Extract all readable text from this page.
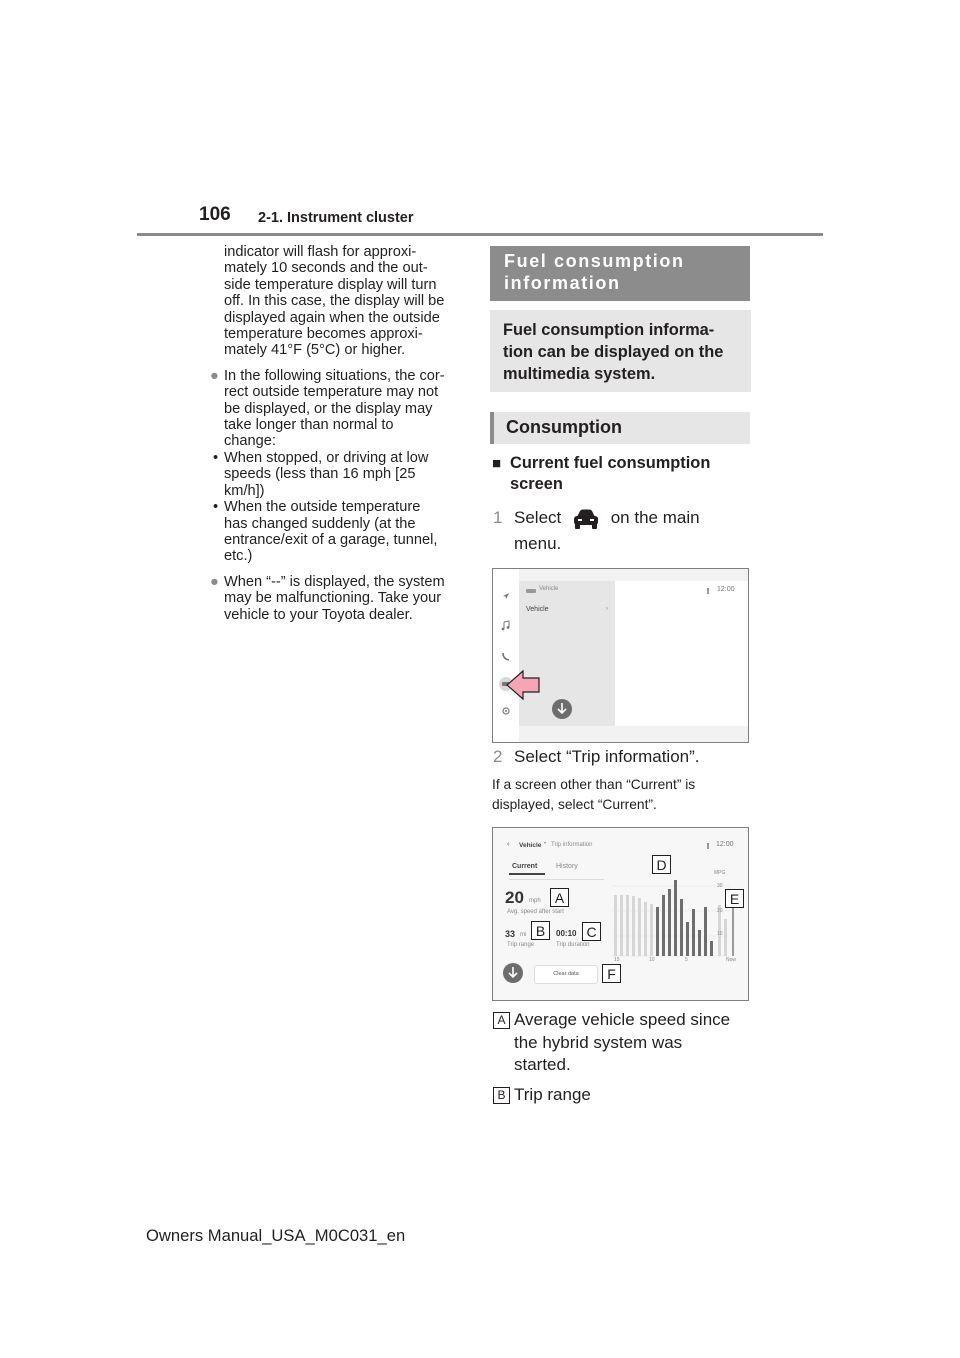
106 2-1. Instrument cluster

indicator will flash for approxi-

mately 10 seconds and the out-

side temperature display will turn

off. In this case, the display will be

displayed again when the outside

temperature becomes approxi-

mately 41°F (5°C) or higher.

● In the following situations, the cor-
rect outside temperature may not
be displayed, or the display may
take longer than normal to
change:

• When stopped, or driving at low
speeds (less than 16 mph [25
km/h])

• When the outside temperature
has changed suddenly (at the
entrance/exit of a garage, tunnel,
etc.)

● When “--” is displayed, the system
may be malfunctioning. Take your
vehicle to your Toyota dealer.

Fuel consumption
information
Fuel consumption informa-
tion can be displayed on the
multimedia system.
Consumption
■ Current fuel consumption
screen
1 Select	on the main
menu.
Vehicle
Vehicle	›
12:00
2 Select “Trip information”.
If a screen other than “Current” is
displayed, select “Current”.
‹ Vehicle • Trip information	12:00
Current	History
20 mph
Avg. speed after start
A
33 mi
Trip range
B	00:10
Trip duration
C
Clear data	F
MPG
30
20
10
15	10	5	Now
D
E
A Average vehicle speed since
the hybrid system was
started.
B Trip range
Owners Manual_USA_M0C031_en
